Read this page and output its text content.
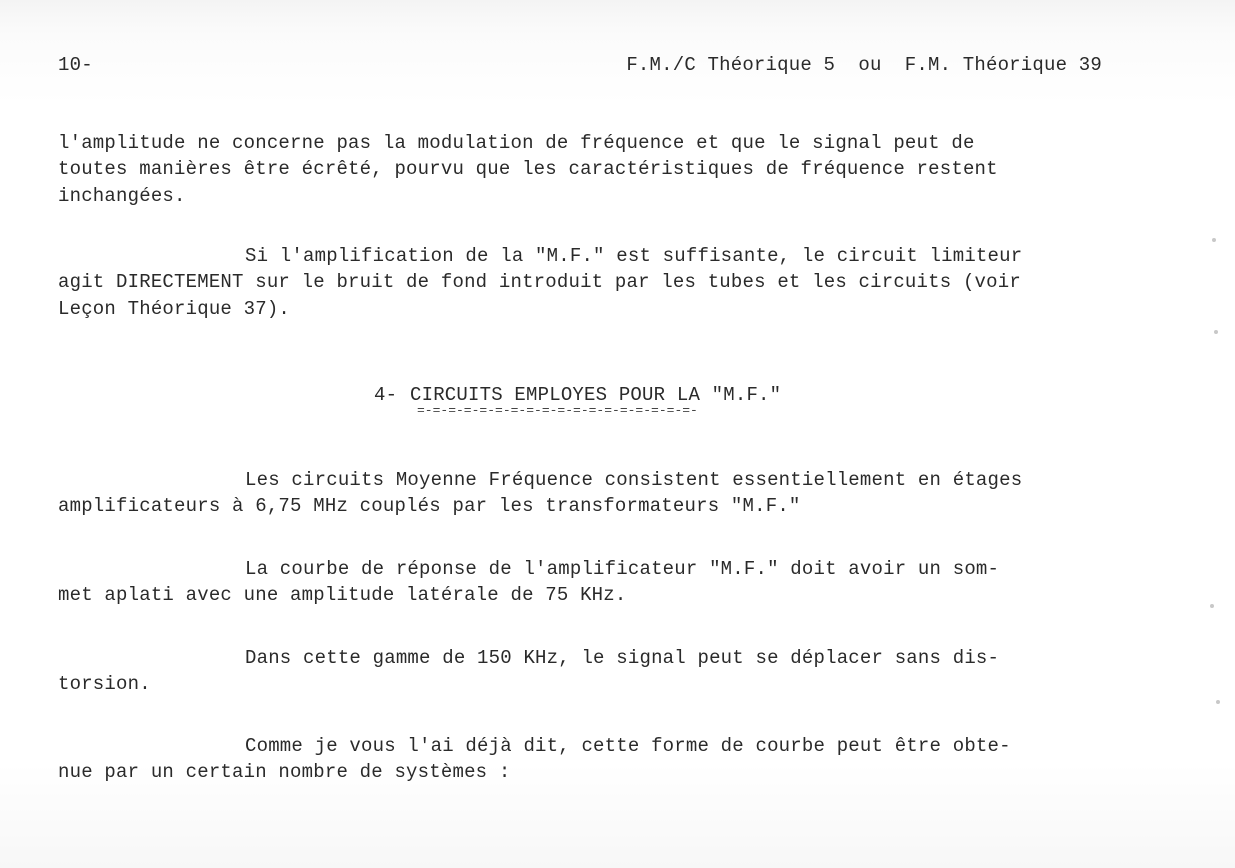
10-	F.M./C Théorique 5  ou  F.M. Théorique 39
l'amplitude ne concerne pas la modulation de fréquence et que le signal peut de
toutes manières être écrêté, pourvu que les caractéristiques de fréquence restent
inchangées.
Si l'amplification de la "M.F." est suffisante, le circuit limiteur
agit DIRECTEMENT sur le bruit de fond introduit par les tubes et les circuits (voir
Leçon Théorique 37).
4- CIRCUITS EMPLOYES POUR LA "M.F."
=-=-=-=-=-=-=-=-=-=-=-=-=-=-=-=-=-=-
Les circuits Moyenne Fréquence consistent essentiellement en étages
amplificateurs à 6,75 MHz couplés par les transformateurs "M.F."
La courbe de réponse de l'amplificateur "M.F." doit avoir un som-
met aplati avec une amplitude latérale de 75 KHz.
Dans cette gamme de 150 KHz, le signal peut se déplacer sans dis-
torsion.
Comme je vous l'ai déjà dit, cette forme de courbe peut être obte-
nue par un certain nombre de systèmes :
